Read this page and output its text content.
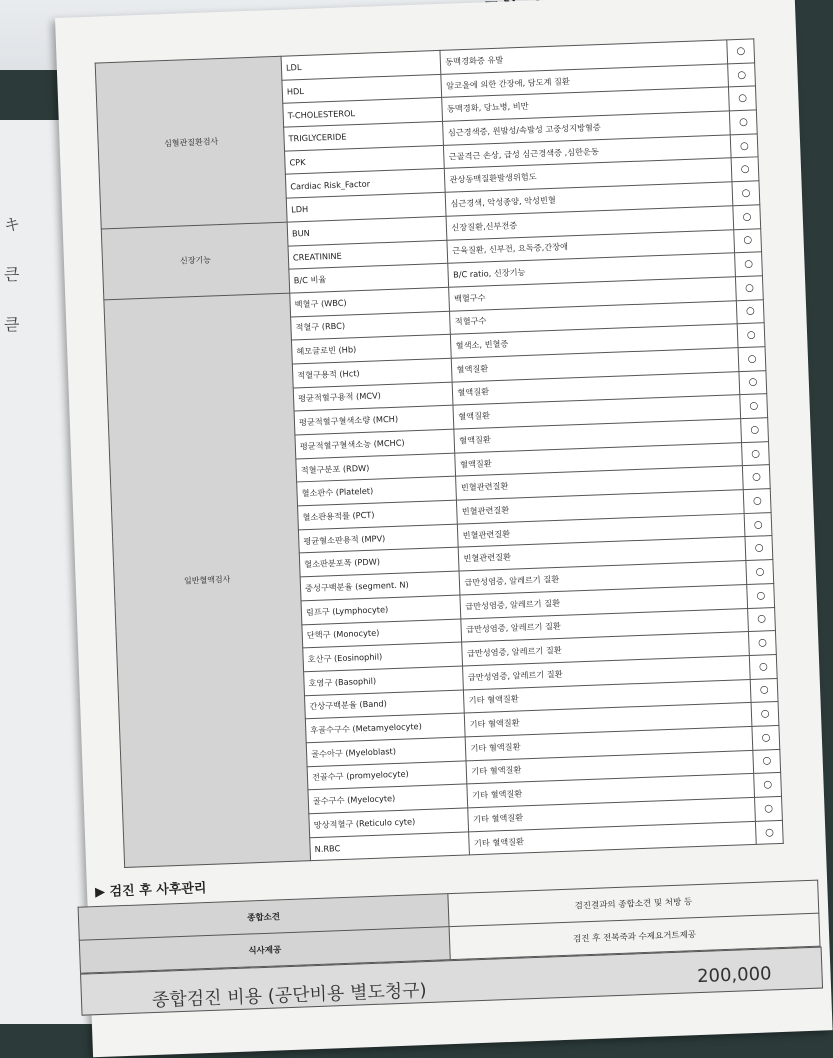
キ
큰
큳
심혈관질환검사	LDL	동맥경화증 유발	○
	HDL	알코올에 의한 간장애, 담도계 질환	○
	T-CHOLESTEROL	동맥경화, 당뇨병, 비만	○
	TRIGLYCERIDE	심근경색증, 원발성/속발성 고중성지방혈증	○
	CPK	근골격근 손상, 급성 심근경색증 ,심한운동	○
	Cardiac Risk_Factor	관상동맥질환발생위험도	○
	LDH	심근경색, 악성종양, 악성빈혈	○
신장기능	BUN	신장질환,신부전증	○
	CREATININE	근육질환, 신부전, 요독증,간장애	○
	B/C 비율	B/C ratio, 신장기능	○
일반혈액검사	백혈구 (WBC)	백혈구수	○
	적혈구 (RBC)	적혈구수	○
	헤모글로빈 (Hb)	혈색소, 빈혈증	○
	적혈구용적 (Hct)	혈액질환	○
	평균적혈구용적 (MCV)	혈액질환	○
	평균적혈구혈색소량 (MCH)	혈액질환	○
	평균적혈구혈색소농 (MCHC)	혈액질환	○
	적혈구분포 (RDW)	혈액질환	○
	혈소판수 (Platelet)	빈혈관련질환	○
	혈소판용적률 (PCT)	빈혈관련질환	○
	평균혈소판용적 (MPV)	빈혈관련질환	○
	혈소판분포폭 (PDW)	빈혈관련질환	○
	중성구백분율 (segment. N)	급만성염증, 알레르기 질환	○
	림프구 (Lymphocyte)	급만성염증, 알레르기 질환	○
	단핵구 (Monocyte)	급만성염증, 알레르기 질환	○
	호산구 (Eosinophil)	급만성염증, 알레르기 질환	○
	호염구 (Basophil)	급만성염증, 알레르기 질환	○
	간상구백분율 (Band)	기타 혈액질환	○
	후골수구수 (Metamyelocyte)	기타 혈액질환	○
	골수아구 (Myeloblast)	기타 혈액질환	○
	전골수구 (promyelocyte)	기타 혈액질환	○
	골수구수 (Myelocyte)	기타 혈액질환	○
	망상적혈구 (Reticulo cyte)	기타 혈액질환	○
	N.RBC	기타 혈액질환	○
▶ 검진 후 사후관리
종합소견	검진결과의 종합소견 및 처방 등
식사제공	검진 후 전복죽과 수제요거트제공
종합검진 비용 (공단비용 별도청구)
200,000
